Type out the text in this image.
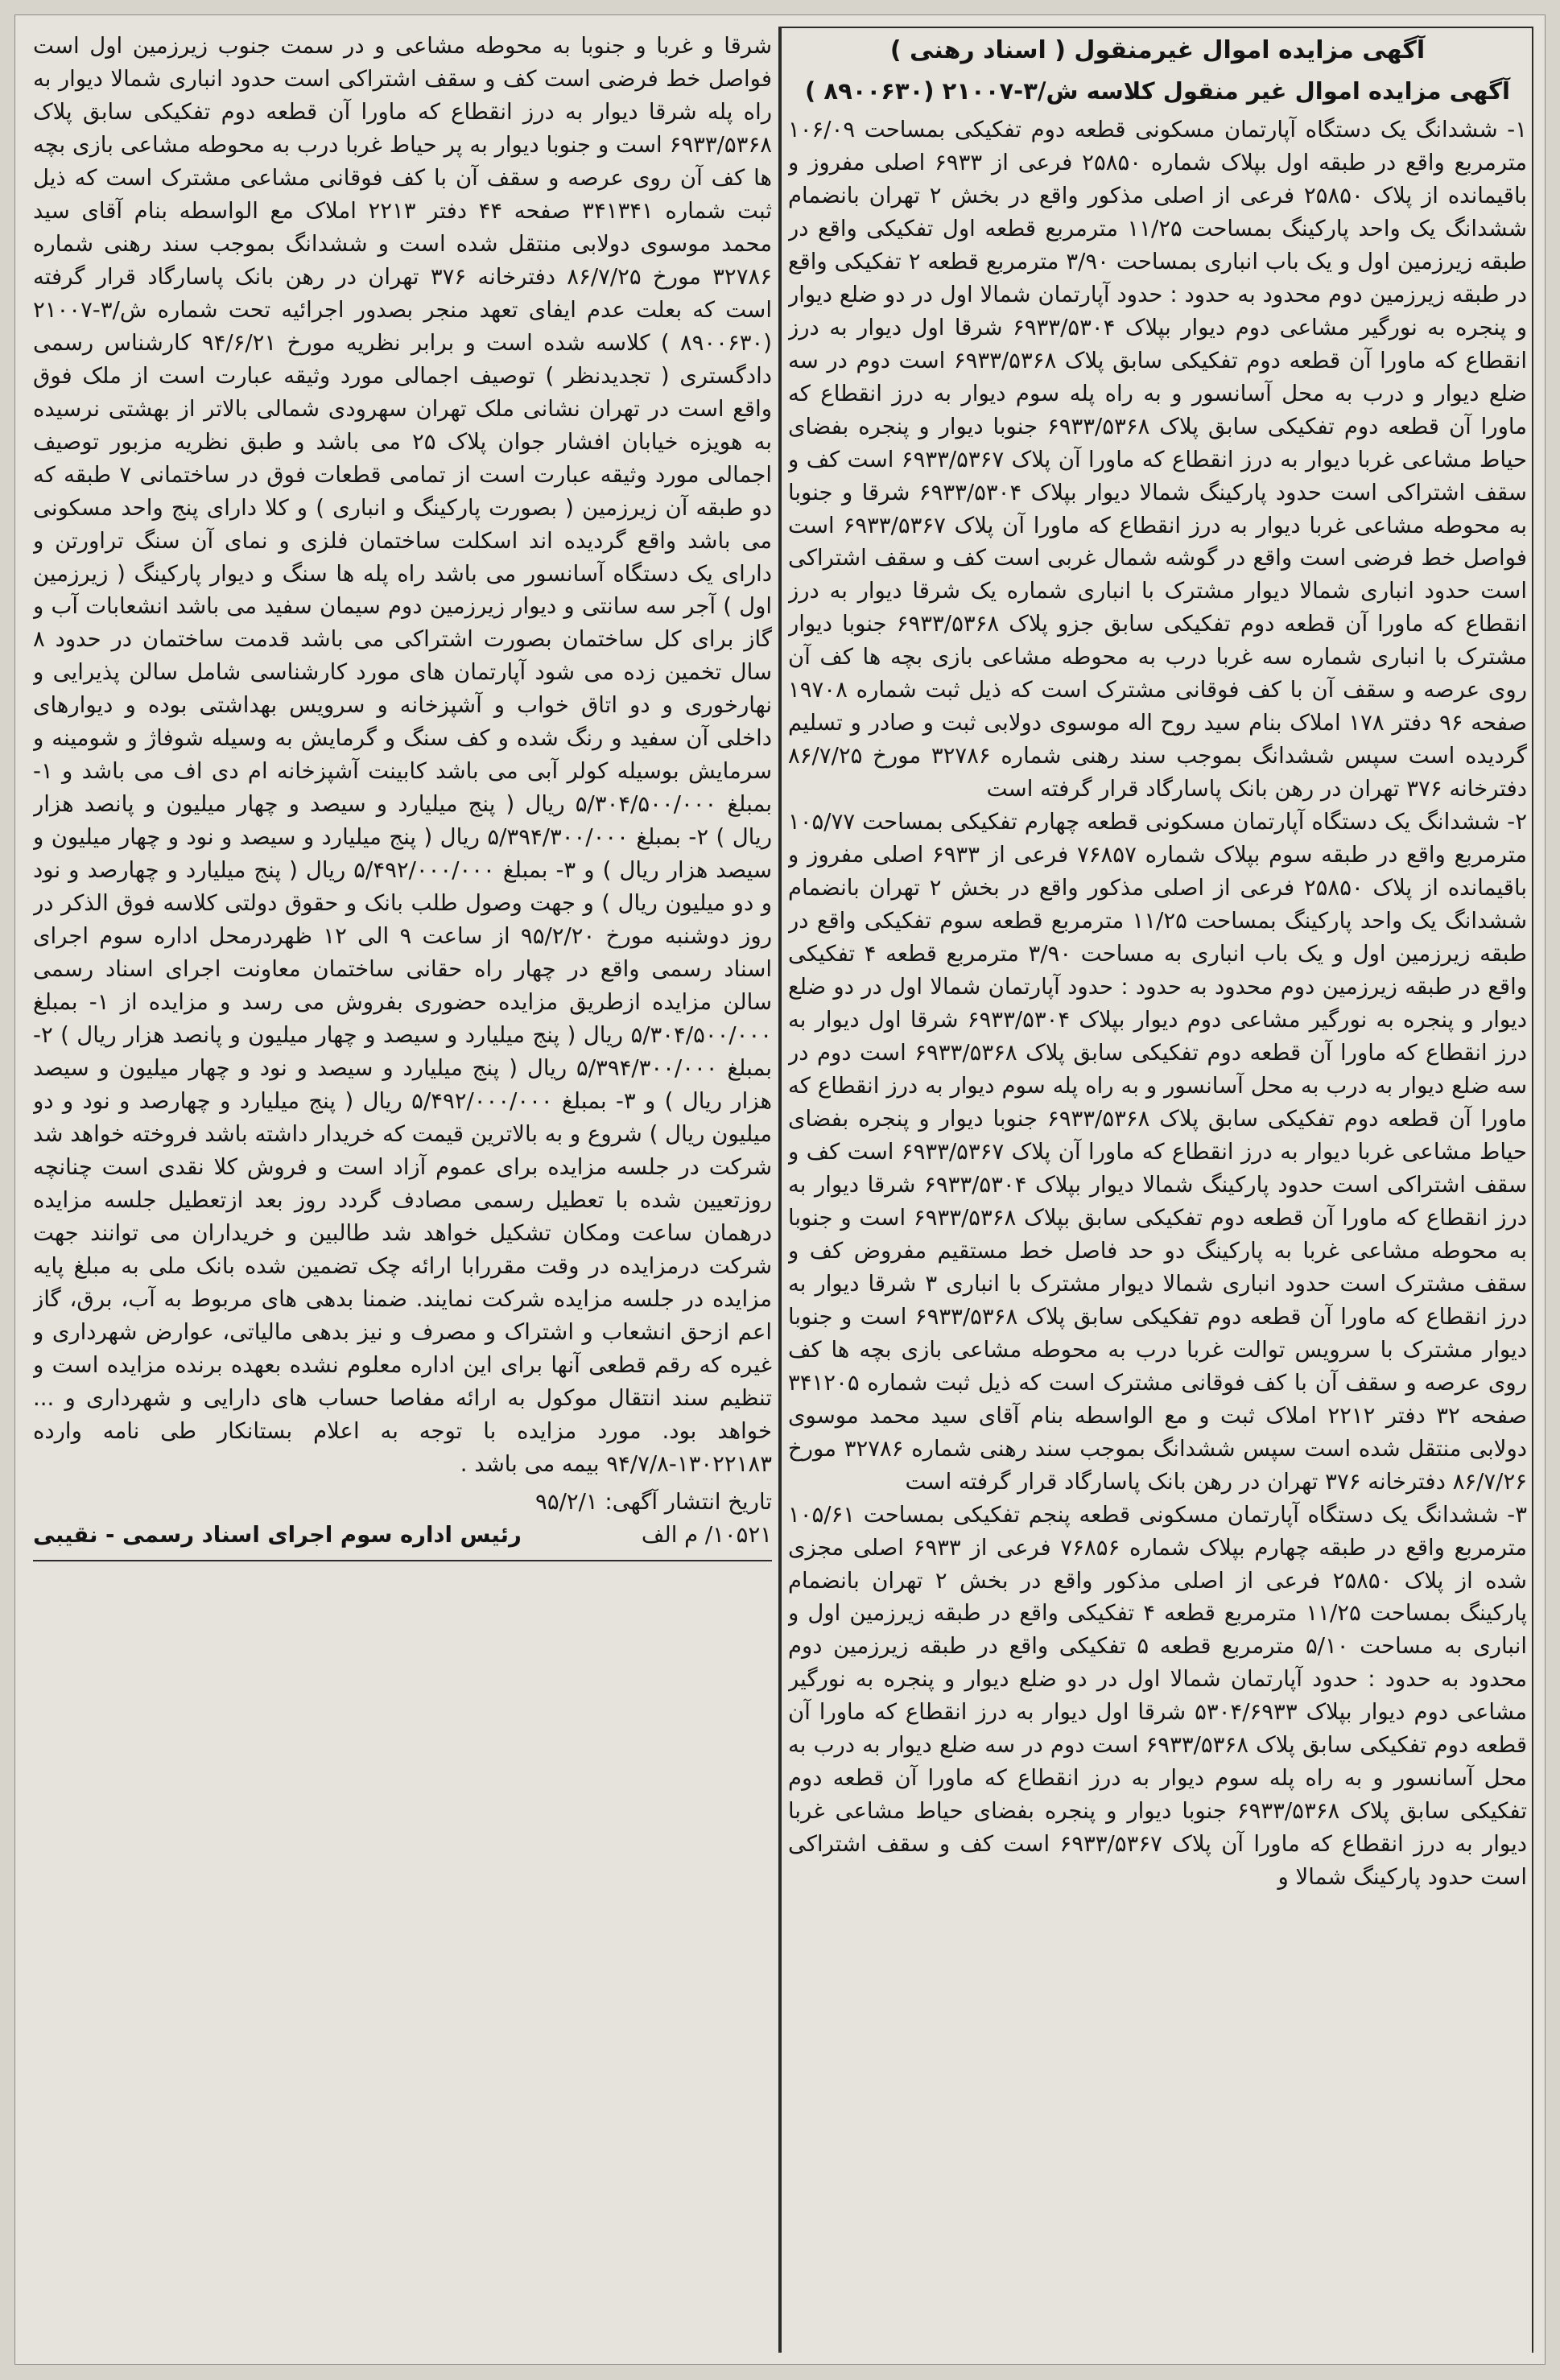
آگهی مزایده اموال غیرمنقول ( اسناد رهنی )
آگهی مزایده اموال غیر منقول کلاسه ش/۳-۲۱۰۰۷ (۸۹۰۰۶۳۰ )

۱- ششدانگ یک دستگاه آپارتمان مسکونی قطعه دوم تفکیکی بمساحت ۱۰۶/۰۹ مترمربع واقع در طبقه اول بپلاک شماره ۲۵۸۵۰ فرعی از ۶۹۳۳ اصلی مفروز و باقیمانده از پلاک ۲۵۸۵۰ فرعی از اصلی مذکور واقع در بخش ۲ تهران بانضمام ششدانگ یک واحد پارکینگ بمساحت ۱۱/۲۵ مترمربع قطعه اول تفکیکی واقع در طبقه زیرزمین اول و یک باب انباری بمساحت ۳/۹۰ مترمربع قطعه ۲ تفکیکی واقع در طبقه زیرزمین دوم محدود به حدود : حدود آپارتمان شمالا اول در دو ضلع دیوار و پنجره به نورگیر مشاعی دوم دیوار بپلاک ۶۹۳۳/۵۳۰۴ شرقا اول دیوار به درز انقطاع که ماورا آن قطعه دوم تفکیکی سابق پلاک ۶۹۳۳/۵۳۶۸ است دوم در سه ضلع دیوار و درب به محل آسانسور و به راه پله سوم دیوار به درز انقطاع که ماورا آن قطعه دوم تفکیکی سابق پلاک ۶۹۳۳/۵۳۶۸ جنوبا دیوار و پنجره بفضای حیاط مشاعی غربا دیوار به درز انقطاع که ماورا آن پلاک ۶۹۳۳/۵۳۶۷ است کف و سقف اشتراکی است حدود پارکینگ شمالا دیوار بپلاک ۶۹۳۳/۵۳۰۴ شرقا و جنوبا به محوطه مشاعی غربا دیوار به درز انقطاع که ماورا آن پلاک ۶۹۳۳/۵۳۶۷ است فواصل خط فرضی است واقع در گوشه شمال غربی است کف و سقف اشتراکی است حدود انباری شمالا دیوار مشترک با انباری شماره یک شرقا دیوار به درز انقطاع که ماورا آن قطعه دوم تفکیکی سابق جزو پلاک ۶۹۳۳/۵۳۶۸ جنوبا دیوار مشترک با انباری شماره سه غربا درب به محوطه مشاعی بازی بچه ها کف آن روی عرصه و سقف آن با کف فوقانی مشترک است که ذیل ثبت شماره ۱۹۷۰۸ صفحه ۹۶ دفتر ۱۷۸ املاک بنام سید روح اله موسوی دولابی ثبت و صادر و تسلیم گردیده است سپس ششدانگ بموجب سند رهنی شماره ۳۲۷۸۶ مورخ ۸۶/۷/۲۵ دفترخانه ۳۷۶ تهران در رهن بانک پاسارگاد قرار گرفته است

۲- ششدانگ یک دستگاه آپارتمان مسکونی قطعه چهارم تفکیکی بمساحت ۱۰۵/۷۷ مترمربع واقع در طبقه سوم بپلاک شماره ۷۶۸۵۷ فرعی از ۶۹۳۳ اصلی مفروز و باقیمانده از پلاک ۲۵۸۵۰ فرعی از اصلی مذکور واقع در بخش ۲ تهران بانضمام ششدانگ یک واحد پارکینگ بمساحت ۱۱/۲۵ مترمربع قطعه سوم تفکیکی واقع در طبقه زیرزمین اول و یک باب انباری به مساحت ۳/۹۰ مترمربع قطعه ۴ تفکیکی واقع در طبقه زیرزمین دوم محدود به حدود : حدود آپارتمان شمالا اول در دو ضلع دیوار و پنجره به نورگیر مشاعی دوم دیوار بپلاک ۶۹۳۳/۵۳۰۴ شرقا اول دیوار به درز انقطاع که ماورا آن قطعه دوم تفکیکی سابق پلاک ۶۹۳۳/۵۳۶۸ است دوم در سه ضلع دیوار به درب به محل آسانسور و به راه پله سوم دیوار به درز انقطاع که ماورا آن قطعه دوم تفکیکی سابق پلاک ۶۹۳۳/۵۳۶۸ جنوبا دیوار و پنجره بفضای حیاط مشاعی غربا دیوار به درز انقطاع که ماورا آن پلاک ۶۹۳۳/۵۳۶۷ است کف و سقف اشتراکی است حدود پارکینگ شمالا دیوار بپلاک ۶۹۳۳/۵۳۰۴ شرقا دیوار به درز انقطاع که ماورا آن قطعه دوم تفکیکی سابق بپلاک ۶۹۳۳/۵۳۶۸ است و جنوبا به محوطه مشاعی غربا به پارکینگ دو حد فاصل خط مستقیم مفروض کف و سقف مشترک است حدود انباری شمالا دیوار مشترک با انباری ۳ شرقا دیوار به درز انقطاع که ماورا آن قطعه دوم تفکیکی سابق پلاک ۶۹۳۳/۵۳۶۸ است و جنوبا دیوار مشترک با سرویس توالت غربا درب به محوطه مشاعی بازی بچه ها کف روی عرصه و سقف آن با کف فوقانی مشترک است که ذیل ثبت شماره ۳۴۱۲۰۵ صفحه ۳۲ دفتر ۲۲۱۲ املاک ثبت و مع الواسطه بنام آقای سید محمد موسوی دولابی منتقل شده است سپس ششدانگ بموجب سند رهنی شماره ۳۲۷۸۶ مورخ ۸۶/۷/۲۶ دفترخانه ۳۷۶ تهران در رهن بانک پاسارگاد قرار گرفته است

۳- ششدانگ یک دستگاه آپارتمان مسکونی قطعه پنجم تفکیکی بمساحت ۱۰۵/۶۱ مترمربع واقع در طبقه چهارم بپلاک شماره ۷۶۸۵۶ فرعی از ۶۹۳۳ اصلی مجزی شده از پلاک ۲۵۸۵۰ فرعی از اصلی مذکور واقع در بخش ۲ تهران بانضمام پارکینگ بمساحت ۱۱/۲۵ مترمربع قطعه ۴ تفکیکی واقع در طبقه زیرزمین اول و انباری به مساحت ۵/۱۰ مترمربع قطعه ۵ تفکیکی واقع در طبقه زیرزمین دوم محدود به حدود : حدود آپارتمان شمالا اول در دو ضلع دیوار و پنجره به نورگیر مشاعی دوم دیوار بپلاک ۵۳۰۴/۶۹۳۳ شرقا اول دیوار به درز انقطاع که ماورا آن قطعه دوم تفکیکی سابق پلاک ۶۹۳۳/۵۳۶۸ است دوم در سه ضلع دیوار به درب به محل آسانسور و به راه پله سوم دیوار به درز انقطاع که ماورا آن قطعه دوم تفکیکی سابق پلاک ۶۹۳۳/۵۳۶۸ جنوبا دیوار و پنجره بفضای حیاط مشاعی غربا دیوار به درز انقطاع که ماورا آن پلاک ۶۹۳۳/۵۳۶۷ است کف و سقف اشتراکی است حدود پارکینگ شمالا و

شرقا و غربا و جنوبا به محوطه مشاعی و در سمت جنوب زیرزمین اول است فواصل خط فرضی است کف و سقف اشتراکی است حدود انباری شمالا دیوار به راه پله شرقا دیوار به درز انقطاع که ماورا آن قطعه دوم تفکیکی سابق پلاک ۶۹۳۳/۵۳۶۸ است و جنوبا دیوار به پر حیاط غربا درب به محوطه مشاعی بازی بچه ها کف آن روی عرصه و سقف آن با کف فوقانی مشاعی مشترک است که ذیل ثبت شماره ۳۴۱۳۴۱ صفحه ۴۴ دفتر ۲۲۱۳ املاک مع الواسطه بنام آقای سید محمد موسوی دولابی منتقل شده است و ششدانگ بموجب سند رهنی شماره ۳۲۷۸۶ مورخ ۸۶/۷/۲۵ دفترخانه ۳۷۶ تهران در رهن بانک پاسارگاد قرار گرفته است که بعلت عدم ایفای تعهد منجر بصدور اجرائیه تحت شماره ش/۳-۲۱۰۰۷ (۸۹۰۰۶۳۰ ) کلاسه شده است و برابر نظریه مورخ ۹۴/۶/۲۱ کارشناس رسمی دادگستری ( تجدیدنظر ) توصیف اجمالی مورد وثیقه عبارت است از ملک فوق واقع است در تهران نشانی ملک تهران سهرودی شمالی بالاتر از بهشتی نرسیده به هویزه خیابان افشار جوان پلاک ۲۵ می باشد و طبق نظریه مزبور توصیف اجمالی مورد وثیقه عبارت است از تمامی قطعات فوق در ساختمانی ۷ طبقه که دو طبقه آن زیرزمین ( بصورت پارکینگ و انباری ) و کلا دارای پنج واحد مسکونی می باشد واقع گردیده اند اسکلت ساختمان فلزی و نمای آن سنگ تراورتن و دارای یک دستگاه آسانسور می باشد راه پله ها سنگ و دیوار پارکینگ ( زیرزمین اول ) آجر سه سانتی و دیوار زیرزمین دوم سیمان سفید می باشد انشعابات آب و گاز برای کل ساختمان بصورت اشتراکی می باشد قدمت ساختمان در حدود ۸ سال تخمین زده می شود آپارتمان های مورد کارشناسی شامل سالن پذیرایی و نهارخوری و دو اتاق خواب و آشپزخانه و سرویس بهداشتی بوده و دیوارهای داخلی آن سفید و رنگ شده و کف سنگ و گرمایش به وسیله شوفاژ و شومینه و سرمایش بوسیله کولر آبی می باشد کابینت آشپزخانه ام دی اف می باشد و ۱- بمبلغ ۵/۳۰۴/۵۰۰/۰۰۰ ریال ( پنج میلیارد و سیصد و چهار میلیون و پانصد هزار ریال ) ۲- بمبلغ ۵/۳۹۴/۳۰۰/۰۰۰ ریال ( پنج میلیارد و سیصد و نود و چهار میلیون و سیصد هزار ریال ) و ۳- بمبلغ ۵/۴۹۲/۰۰۰/۰۰۰ ریال ( پنج میلیارد و چهارصد و نود و دو میلیون ریال ) و جهت وصول طلب بانک و حقوق دولتی کلاسه فوق الذکر در روز دوشنبه مورخ ۹۵/۲/۲۰ از ساعت ۹ الی ۱۲ ظهردرمحل اداره سوم اجرای اسناد رسمی واقع در چهار راه حقانی ساختمان معاونت اجرای اسناد رسمی سالن مزایده ازطریق مزایده حضوری بفروش می رسد و مزایده از ۱- بمبلغ ۵/۳۰۴/۵۰۰/۰۰۰ ریال ( پنج میلیارد و سیصد و چهار میلیون و پانصد هزار ریال ) ۲- بمبلغ ۵/۳۹۴/۳۰۰/۰۰۰ ریال ( پنج میلیارد و سیصد و نود و چهار میلیون و سیصد هزار ریال ) و ۳- بمبلغ ۵/۴۹۲/۰۰۰/۰۰۰ ریال ( پنج میلیارد و چهارصد و نود و دو میلیون ریال ) شروع و به بالاترین قیمت که خریدار داشته باشد فروخته خواهد شد شرکت در جلسه مزایده برای عموم آزاد است و فروش کلا نقدی است چنانچه روزتعیین شده با تعطیل رسمی مصادف گردد روز بعد ازتعطیل جلسه مزایده درهمان ساعت ومکان تشکیل خواهد شد طالبین و خریداران می توانند جهت شرکت درمزایده در وقت مقررابا ارائه چک تضمین شده بانک ملی به مبلغ پایه مزایده در جلسه مزایده شرکت نمایند. ضمنا بدهی های مربوط به آب، برق، گاز اعم ازحق انشعاب و اشتراک و مصرف و نیز بدهی مالیاتی، عوارض شهرداری و غیره که رقم قطعی آنها برای این اداره معلوم نشده بعهده برنده مزایده است و تنظیم سند انتقال موکول به ارائه مفاصا حساب های دارایی و شهرداری و ... خواهد بود. مورد مزایده با توجه به اعلام بستانکار طی نامه وارده ۱۳۰۲۲۱۸۳-۹۴/۷/۸ بیمه می باشد .

تاریخ انتشار آگهی: ۹۵/۲/۱

۱۰۵۲۱/ م الف
رئیس اداره سوم اجرای اسناد رسمی - نقیبی
